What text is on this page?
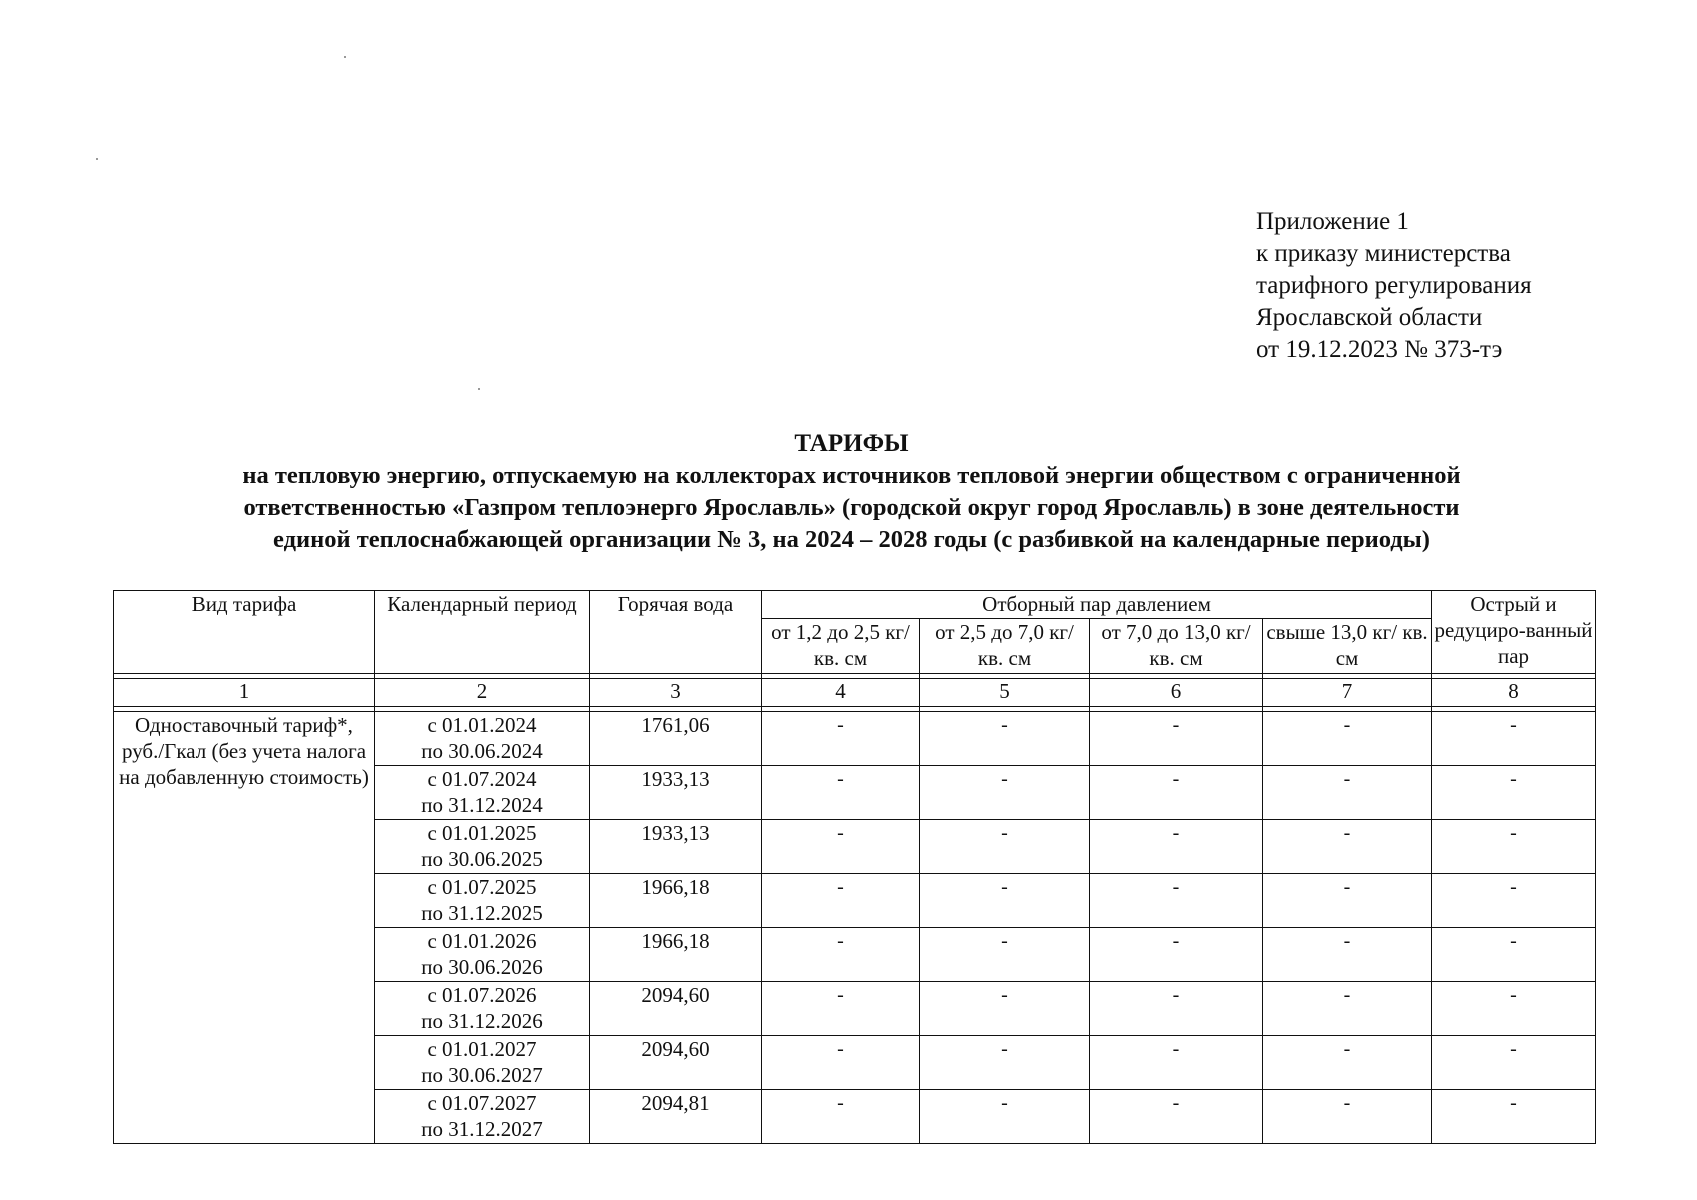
Приложение 1
к приказу министерства
тарифного регулирования
Ярославской области
от 19.12.2023 № 373-тэ
ТАРИФЫ
на тепловую энергию, отпускаемую на коллекторах источников тепловой энергии обществом с ограниченной
ответственностью «Газпром теплоэнерго Ярославль» (городской округ город Ярославль) в зоне деятельности
единой теплоснабжающей организации № 3, на 2024 – 2028 годы (с разбивкой на календарные периоды)
Вид тарифа	Календарный период	Горячая вода	Отборный пар давлением				Острый и редуциро-ванный пар
			от 1,2 до 2,5 кг/ кв. см	от 2,5 до 7,0 кг/ кв. см	от 7,0 до 13,0 кг/ кв. см	свыше 13,0 кг/ кв. см	

1	2	3	4	5	6	7	8

Одноставочный тариф*, руб./Гкал (без учета налога на добавленную стоимость)	с 01.01.2024
по 30.06.2024	1761,06	-	-	-	-	-

	с 01.07.2024
по 31.12.2024	1933,13	-	-	-	-	-

	с 01.01.2025
по 30.06.2025	1933,13	-	-	-	-	-

	с 01.07.2025
по 31.12.2025	1966,18	-	-	-	-	-

	с 01.01.2026
по 30.06.2026	1966,18	-	-	-	-	-

	с 01.07.2026
по 31.12.2026	2094,60	-	-	-	-	-

	с 01.01.2027
по 30.06.2027	2094,60	-	-	-	-	-

	с 01.07.2027
по 31.12.2027	2094,81	-	-	-	-	-
